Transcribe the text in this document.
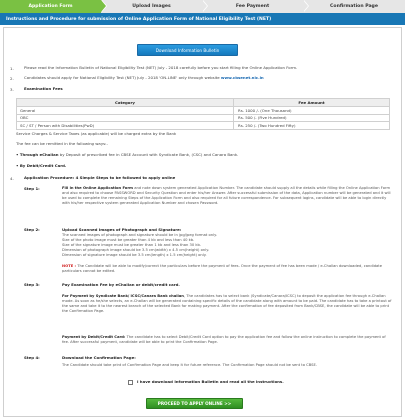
Application Form	Upload Images	Fee Payment	Confirmation Page
Instructions and Procedure for submission of Online Application Form of National Eligibility Test (NET)
Download Information Bulletin
1.	Please read the Information Bulletin of National Eligibility Test (NET) July - 2018 carefully before you start filling the Online Application Form.
2.	Candidates should apply for National Eligibility Test (NET) July - 2018 'ON-LINE' only through website www.cbsenet.nic.in
3.	Examination Fees
Category	Fee Amount
General	Rs. 1000 /- (One Thousand)
OBC	Rs. 500 /- (Five Hundred)
SC / ST / Person with Disabilities(PwD)	Rs. 250 /- (Two Hundred Fifty)
Service Charges & Service Taxes (as applicable) will be charged extra by the Bank
The fee can be remitted in the following ways:-
• Through eChallan by Deposit of prescribed fee in CBSE Account with Syndicate Bank, (CSC) and Canara Bank.
• By Debit/Credit Card.
4.	Application Procedure: 4 Simple Steps to be followed to apply online
Step 1:	Fill in the Online Application Form and note down system generated Application Number. The candidate should supply all the details while filling the Online Application Form and also required to choose PASSWORD and Security Question and enter his/her Answer. After successful submission of the data, Application number will be generated and it will be used to complete the remaining Steps of the Application Form and also required for all future correspondence. For subsequent logins, candidate will be able to login directly with his/her respective system generated Application Number and chosen Password.
Step 2:	Upload Scanned Images of Photograph and Signature:
The scanned images of photograph and signature should be in jpg/jpeg format only.
Size of the photo image must be greater than 4 kb and less than 40 kb.
Size of the signature image must be greater than 1 kb and less than 30 kb.
Dimension of photograph image should be 3.5 cm(width) x 4.5 cm(height) only.
Dimension of signature image should be 3.5 cm(length) x 1.5 cm(height) only.
NOTE : The Candidate will be able to modify/correct the particulars before the payment of fees. Once the payment of fee has been made / e-Challan downloaded, candidate particulars cannot be edited.
Step 3:	Pay Examination Fee by eChallan or debit/credit card.
For Payment by Syndicate Bank/ ICSC/Canara Bank challan, The candidates has to select bank (Syndicate/Canara/ICSC) to deposit the application fee through e-Challan mode. As soon as he/she selects, an e-Challan will be generated containing specific details of the candidate along with amount to be paid. The candidate has to take a printout of the same and take it to the nearest branch of the selected Bank for making payment. After the confirmation of fee deposited from Bank/CBSE, the candidate will be able to print the Confirmation Page.
Payment by Debit/Credit Card: The candidate has to select Debit/Credit Card option to pay the application fee and follow the online instruction to complete the payment of fee. After successful payment, candidate will be able to print the Confirmation Page.
Step 4:	Download the Confirmation Page:
The Candidate should take print of Confirmation Page and keep it for future reference. The Confirmation Page should not be sent to CBSE.
I have download Information Bulletin and read all the instructions.
PROCEED TO APPLY ONLINE >>
